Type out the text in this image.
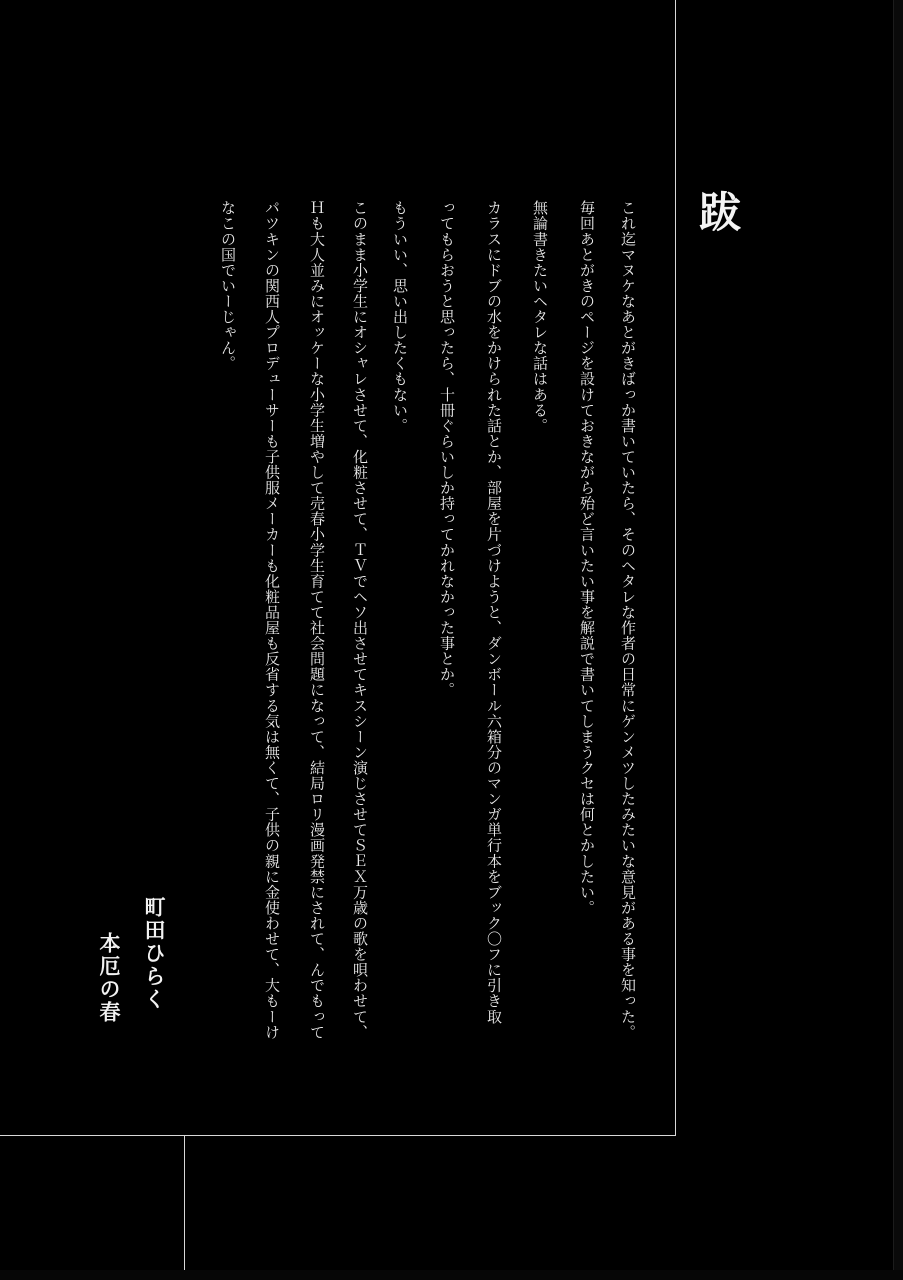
跋

これ迄マヌケなあとがきばっか書いていたら、そのヘタレな作者の日常にゲンメツしたみたいな意見がある事を知った。

毎回あとがきのページを設けておきながら殆ど言いたい事を解説で書いてしまうクセは何とかしたい。

無論書きたいヘタレな話はある。

カラスにドブの水をかけられた話とか、部屋を片づけようと、ダンボール六箱分のマンガ単行本をブック〇フに引き取

ってもらおうと思ったら、十冊ぐらいしか持ってかれなかった事とか。

もういい、思い出したくもない。

このまま小学生にオシャレさせて、化粧させて、ＴＶでヘソ出させてキスシーン演じさせてＳＥＸ万歳の歌を唄わせて、

Ｈも大人並みにオッケーな小学生増やして売春小学生育てて社会問題になって、結局ロリ漫画発禁にされて、んでもって

パツキンの関西人プロデューサーも子供服メーカーも化粧品屋も反省する気は無くて、子供の親に金使わせて、大もーけ

なこの国でいーじゃん。

町田ひらく

本厄の春
